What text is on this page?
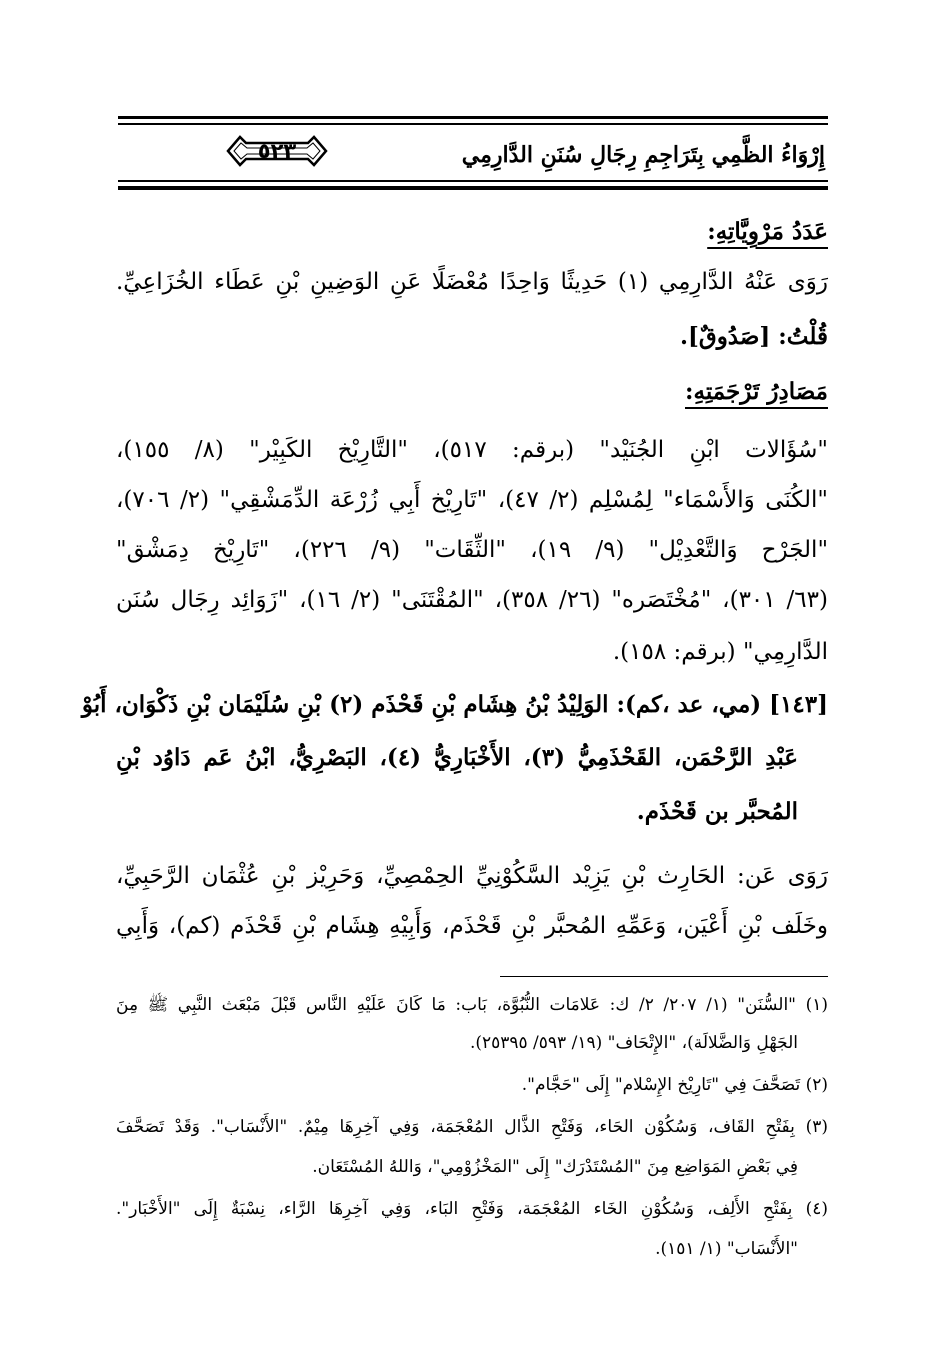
إِرْوَاءُ الظَّمِي بِتَرَاجِمِ رِجَالِ سُنَنِ الدَّارِمِي
٥٢٣
عَدَدُ مَرْوِيَّاتِهِ:
رَوَى عَنْهُ الدَّارِمِي (١) حَدِيثًا وَاحِدًا مُعْضَلًا عَنِ الوَضِينِ بْنِ عَطَاء الخُزَاعِيِّ.
قُلْتُ: [صَدُوقٌ].
مَصَادِرُ تَرْجَمَتِهِ:
"سُؤَالات ابْنِ الجُنَيْد" (برقم: ٥١٧)، "التَّارِيْخ الكَبِيْر" (٨/ ١٥٥)،
"الكُنَى وَالأَسْمَاء" لِمُسْلِم (٢/ ٤٧)، "تَارِيْخ أَبِي زُرْعَة الدِّمَشْقِي" (٢/ ٧٠٦)،
"الجَرْح وَالتَّعْدِيْل" (٩/ ١٩)، "الثِّقَات" (٩/ ٢٢٦)، "تَارِيْخ دِمَشْق"
(٦٣/ ٣٠١)، "مُخْتَصَره" (٢٦/ ٣٥٨)، "المُقْتَنَى" (٢/ ١٦)، "زَوَائِد رِجَال سُنَن
الدَّارِمِي" (برقم: ١٥٨).
[١٤٣] (مي، عد ،كم): الوَلِيْدُ بْنُ هِشَام بْنِ قَحْذَم (٢) بْنِ سُلَيْمَان بْنِ ذَكْوَان، أَبُوْ
عَبْدِ الرَّحْمَن، القَحْذَمِيُّ (٣)، الأَخْبَارِيُّ (٤)، البَصْرِيُّ، ابْنُ عَم دَاوُد بْنِ
المُحبَّر بن قَحْذَم.
رَوَى عَن: الحَارِث بْنِ يَزِيْد السَّكُوْنِيِّ الحِمْصِيِّ، وَحَرِيْز بْنِ عُثْمَان الرَّحَبِيِّ،
وخَلَف بْنِ أَعْيَن، وَعَمِّهِ المُحبَّر بْنِ قَحْذَم، وَأَبِيْهِ هِشَام بْنِ قَحْذَم (كم)، وَأَبِي
(١) "السُّنَن" (١/ ٢٠٧/ ٢/ ك: عَلامَات النُّبُوَّة، بَاب: مَا كَانَ عَلَيْهِ النَّاس قَبْلَ مَبْعَث النَّبِي ﷺ مِنَ
الجَهْلِ وَالضَّلالَة)، "الإِتْحَاف" (١٩/ ٥٩٣/ ٢٥٣٩٥).
(٢) تَصَحَّفَ فِي "تَارِيْخ الإِسْلام" إِلَى "حَجَّام".
(٣) بِفَتْحِ القَاف، وَسُكُوْن الحَاء، وَفَتْحِ الذَّال المُعْجَمَة، وَفِي آخِرِهَا مِيْمٌ. "الأَنْسَاب". وَقَدْ تَصَحَّفَ
فِي بَعْضِ المَوَاضِع مِنَ "المُسْتَدْرَك" إِلَى "المَخْزُوْمِي"، وَاللهُ المُسْتَعَان.
(٤) بِفَتْحِ الأَلِف، وَسُكُوْنِ الخَاء المُعْجَمَة، وَفَتْحِ البَاء، وَفِي آخِرِهَا الرَّاء، نِسْبَةٌ إِلَى "الأَخْبَار".
"الأَنْسَاب" (١/ ١٥١).
